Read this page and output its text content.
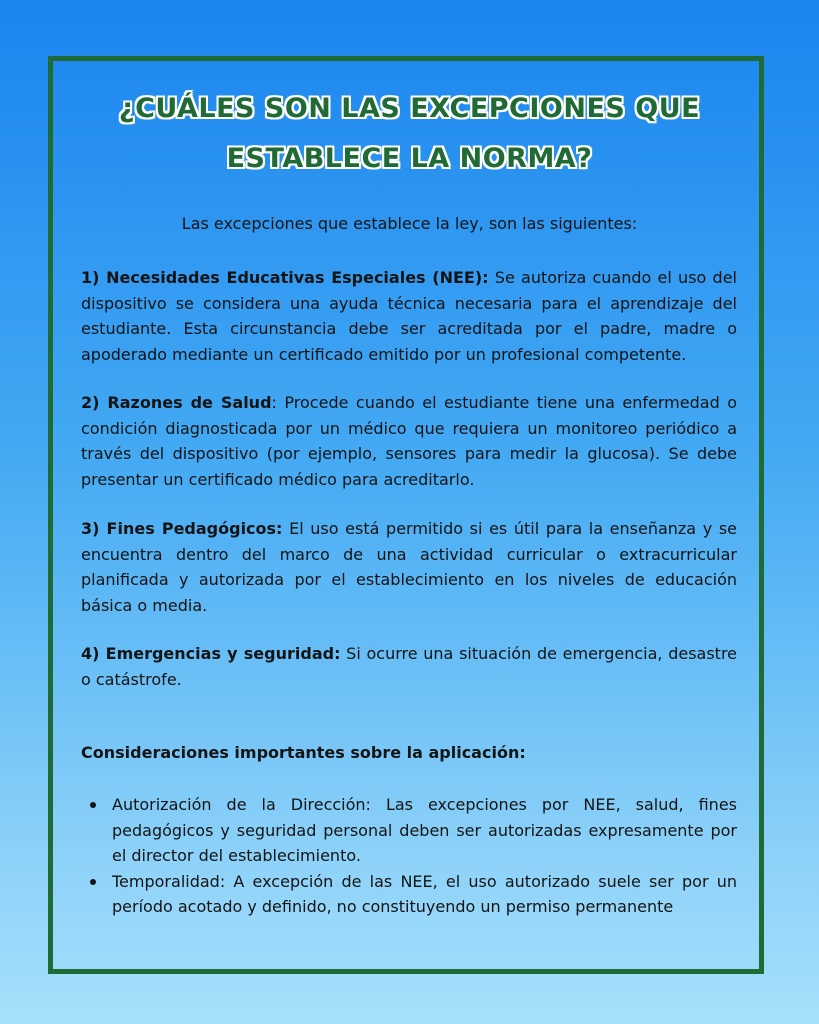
¿CUÁLES SON LAS EXCEPCIONES QUE
ESTABLECE LA NORMA?
Las excepciones que establece la ley, son las siguientes:

1) Necesidades Educativas Especiales (NEE): Se autoriza cuando el uso del dispositivo se considera una ayuda técnica necesaria para el aprendizaje del estudiante. Esta circunstancia debe ser acreditada por el padre, madre o apoderado mediante un certificado emitido por un profesional competente.

2) Razones de Salud: Procede cuando el estudiante tiene una enfermedad o condición diagnosticada por un médico que requiera un monitoreo periódico a través del dispositivo (por ejemplo, sensores para medir la glucosa). Se debe presentar un certificado médico para acreditarlo.

3) Fines Pedagógicos: El uso está permitido si es útil para la enseñanza y se encuentra dentro del marco de una actividad curricular o extracurricular planificada y autorizada por el establecimiento en los niveles de educación básica o media.

4) Emergencias y seguridad: Si ocurre una situación de emergencia, desastre o catástrofe.

Consideraciones importantes sobre la aplicación:
Autorización de la Dirección: Las excepciones por NEE, salud, fines pedagógicos y seguridad personal deben ser autorizadas expresamente por el director del establecimiento.
Temporalidad: A excepción de las NEE, el uso autorizado suele ser por un período acotado y definido, no constituyendo un permiso permanente
